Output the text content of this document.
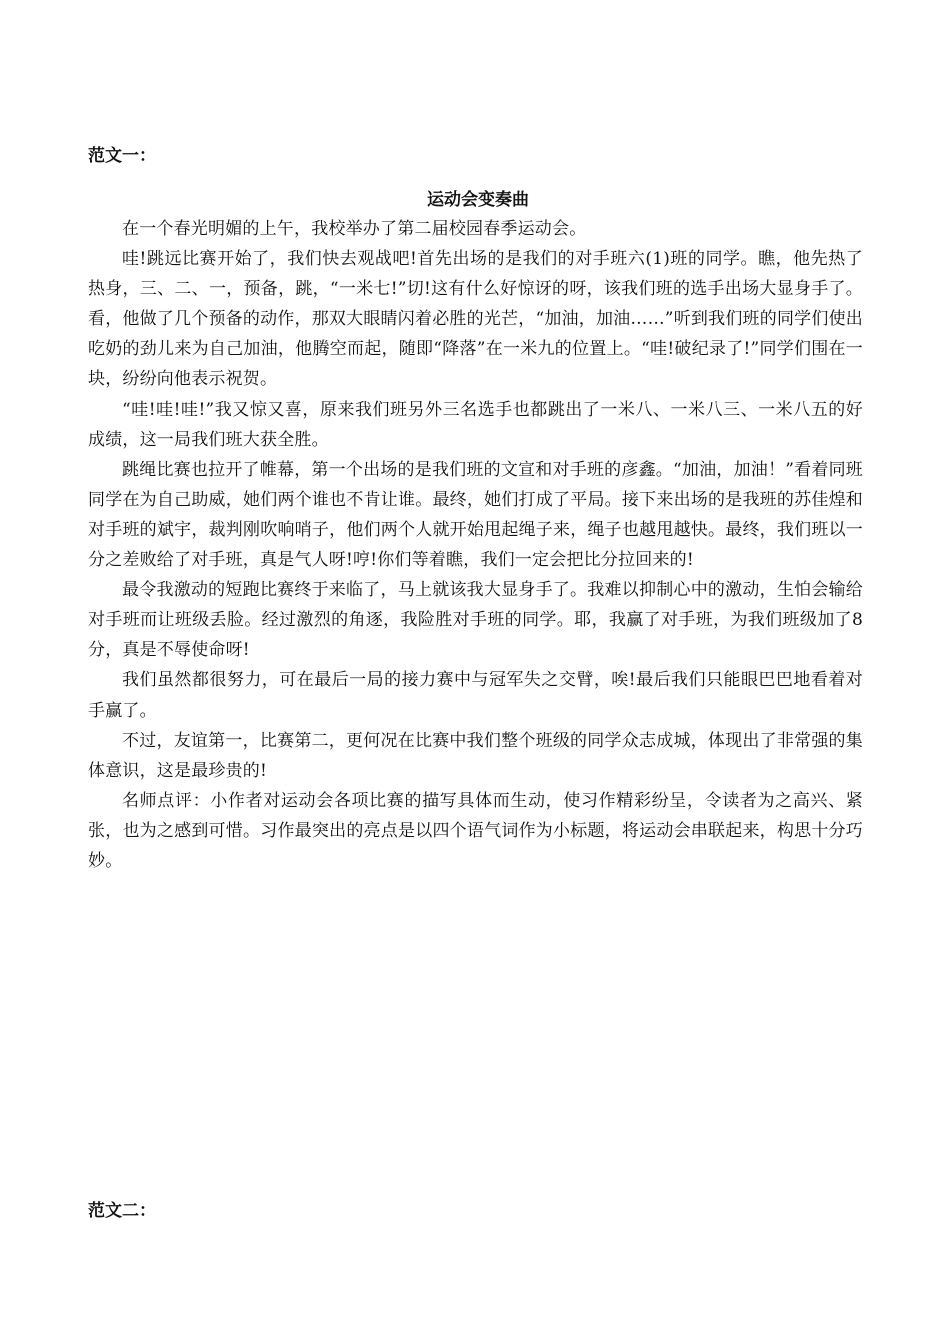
范文一：
运动会变奏曲

在一个春光明媚的上午，我校举办了第二届校园春季运动会。

哇!跳远比赛开始了，我们快去观战吧!首先出场的是我们的对手班六(1)班的同学。瞧，他先热了热身，三、二、一，预备，跳，“一米七!”切!这有什么好惊讶的呀，该我们班的选手出场大显身手了。看，他做了几个预备的动作，那双大眼睛闪着必胜的光芒，“加油，加油……”听到我们班的同学们使出吃奶的劲儿来为自己加油，他腾空而起，随即“降落”在一米九的位置上。“哇!破纪录了!”同学们围在一块，纷纷向他表示祝贺。

“哇!哇!哇!”我又惊又喜，原来我们班另外三名选手也都跳出了一米八、一米八三、一米八五的好成绩，这一局我们班大获全胜。

跳绳比赛也拉开了帷幕，第一个出场的是我们班的文宣和对手班的彦鑫。“加油，加油！”看着同班同学在为自己助威，她们两个谁也不肯让谁。最终，她们打成了平局。接下来出场的是我班的苏佳煌和对手班的斌宇，裁判刚吹响哨子，他们两个人就开始甩起绳子来，绳子也越甩越快。最终，我们班以一分之差败给了对手班，真是气人呀!哼!你们等着瞧，我们一定会把比分拉回来的!

最令我激动的短跑比赛终于来临了，马上就该我大显身手了。我难以抑制心中的激动，生怕会输给对手班而让班级丢脸。经过激烈的角逐，我险胜对手班的同学。耶，我赢了对手班，为我们班级加了8分，真是不辱使命呀!

我们虽然都很努力，可在最后一局的接力赛中与冠军失之交臂，唉!最后我们只能眼巴巴地看着对手赢了。

不过，友谊第一，比赛第二，更何况在比赛中我们整个班级的同学众志成城，体现出了非常强的集体意识，这是最珍贵的!

名师点评：小作者对运动会各项比赛的描写具体而生动，使习作精彩纷呈，令读者为之高兴、紧张，也为之感到可惜。习作最突出的亮点是以四个语气词作为小标题，将运动会串联起来，构思十分巧妙。

范文二：
